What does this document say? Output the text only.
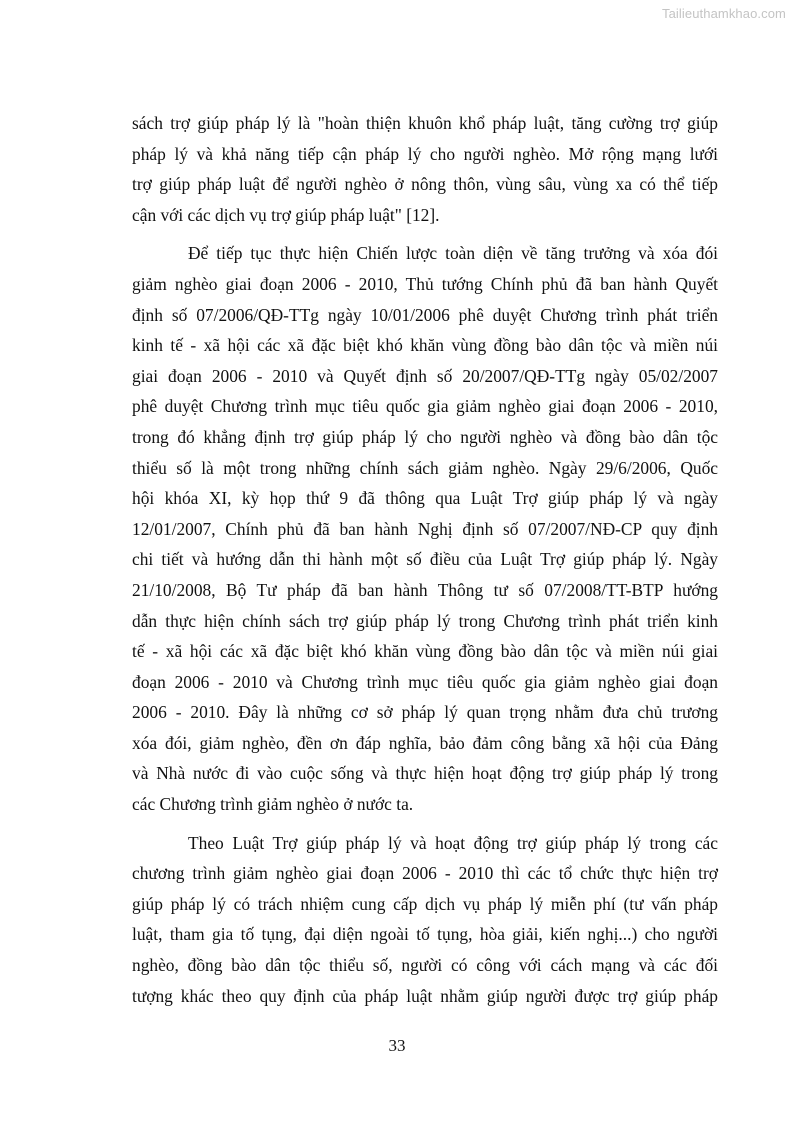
Tailieuthamkhao.com
sách trợ giúp pháp lý là "hoàn thiện khuôn khổ pháp luật, tăng cường trợ giúp
pháp lý và khả năng tiếp cận pháp lý cho người nghèo. Mở rộng mạng lưới
trợ giúp pháp luật để người nghèo ở nông thôn, vùng sâu, vùng xa có thể tiếp
cận với các dịch vụ trợ giúp pháp luật" [12].
Để tiếp tục thực hiện Chiến lược toàn diện về tăng trưởng và xóa đói
giảm nghèo giai đoạn 2006 - 2010, Thủ tướng Chính phủ đã ban hành Quyết
định số 07/2006/QĐ-TTg ngày 10/01/2006 phê duyệt Chương trình phát triển
kinh tế - xã hội các xã đặc biệt khó khăn vùng đồng bào dân tộc và miền núi
giai đoạn 2006 - 2010 và Quyết định số 20/2007/QĐ-TTg ngày 05/02/2007
phê duyệt Chương trình mục tiêu quốc gia giảm nghèo giai đoạn 2006 - 2010,
trong đó khẳng định trợ giúp pháp lý cho người nghèo và đồng bào dân tộc
thiểu số là một trong những chính sách giảm nghèo. Ngày 29/6/2006, Quốc
hội khóa XI, kỳ họp thứ 9 đã thông qua Luật Trợ giúp pháp lý và ngày
12/01/2007, Chính phủ đã ban hành Nghị định số 07/2007/NĐ-CP quy định
chi tiết và hướng dẫn thi hành một số điều của Luật Trợ giúp pháp lý. Ngày
21/10/2008, Bộ Tư pháp đã ban hành Thông tư số 07/2008/TT-BTP hướng
dẫn thực hiện chính sách trợ giúp pháp lý trong Chương trình phát triển kinh
tế - xã hội các xã đặc biệt khó khăn vùng đồng bào dân tộc và miền núi giai
đoạn 2006 - 2010 và Chương trình mục tiêu quốc gia giảm nghèo giai đoạn
2006 - 2010. Đây là những cơ sở pháp lý quan trọng nhằm đưa chủ trương
xóa đói, giảm nghèo, đền ơn đáp nghĩa, bảo đảm công bằng xã hội của Đảng
và Nhà nước đi vào cuộc sống và thực hiện hoạt động trợ giúp pháp lý trong
các Chương trình giảm nghèo ở nước ta.
Theo Luật Trợ giúp pháp lý và hoạt động trợ giúp pháp lý trong các
chương trình giảm nghèo giai đoạn 2006 - 2010 thì các tổ chức thực hiện trợ
giúp pháp lý có trách nhiệm cung cấp dịch vụ pháp lý miễn phí (tư vấn pháp
luật, tham gia tố tụng, đại diện ngoài tố tụng, hòa giải, kiến nghị...) cho người
nghèo, đồng bào dân tộc thiểu số, người có công với cách mạng và các đối
tượng khác theo quy định của pháp luật nhằm giúp người được trợ giúp pháp
33
